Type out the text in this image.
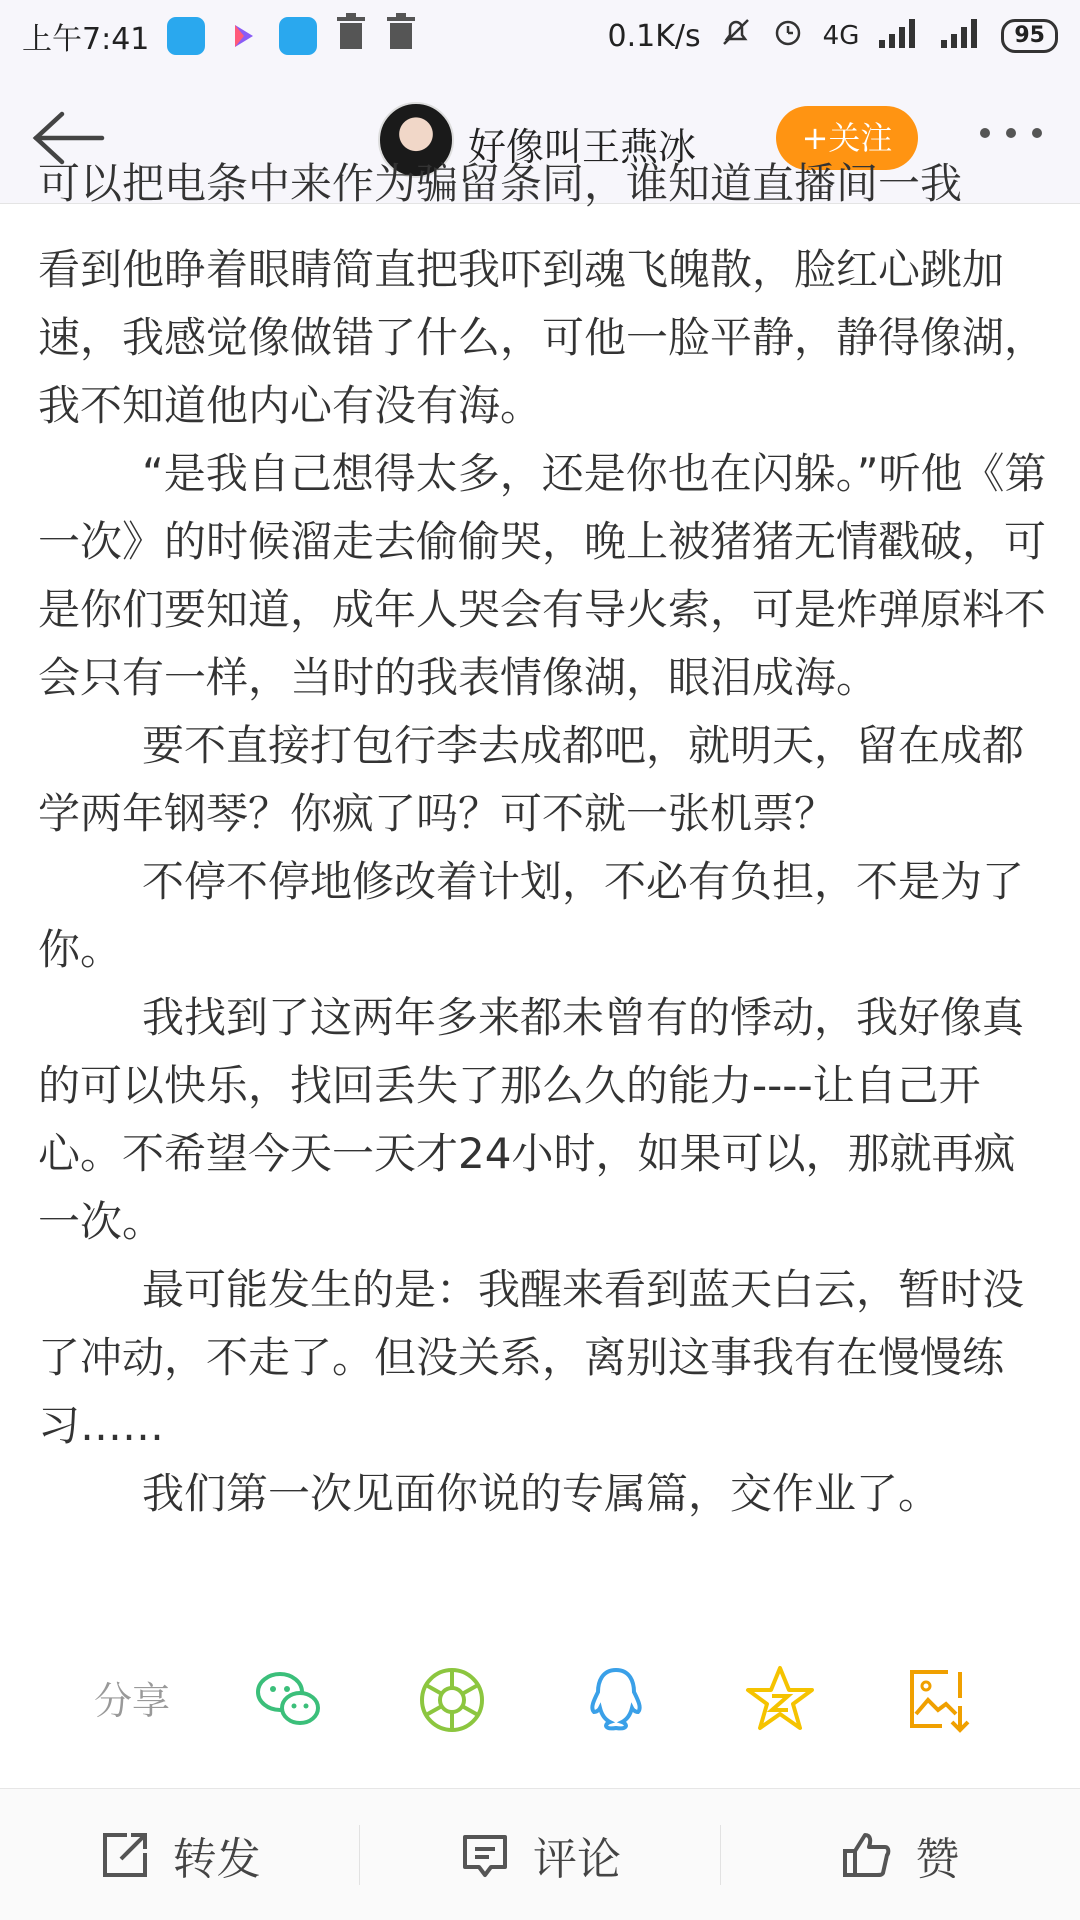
上午7:41	0.1K/s	4G	95
好像叫王燕冰	+关注
可以把电条中来作为骗留条同，谁知道直播间一我

看到他睁着眼睛简直把我吓到魂飞魄散，脸红心跳加速，我感觉像做错了什么，可他一脸平静，静得像湖，我不知道他内心有没有海。

“是我自己想得太多，还是你也在闪躲。”听他《第一次》的时候溜走去偷偷哭，晚上被猪猪无情戳破，可是你们要知道，成年人哭会有导火索，可是炸弹原料不会只有一样，当时的我表情像湖，眼泪成海。

要不直接打包行李去成都吧，就明天，留在成都学两年钢琴？你疯了吗？可不就一张机票？

不停不停地修改着计划，不必有负担，不是为了你。

我找到了这两年多来都未曾有的悸动，我好像真的可以快乐，找回丢失了那么久的能力----让自己开心。不希望今天一天才24小时，如果可以，那就再疯一次。

最可能发生的是：我醒来看到蓝天白云，暂时没了冲动，不走了。但没关系，离别这事我有在慢慢练习……

我们第一次见面你说的专属篇，交作业了。

分享
转发	评论	赞
